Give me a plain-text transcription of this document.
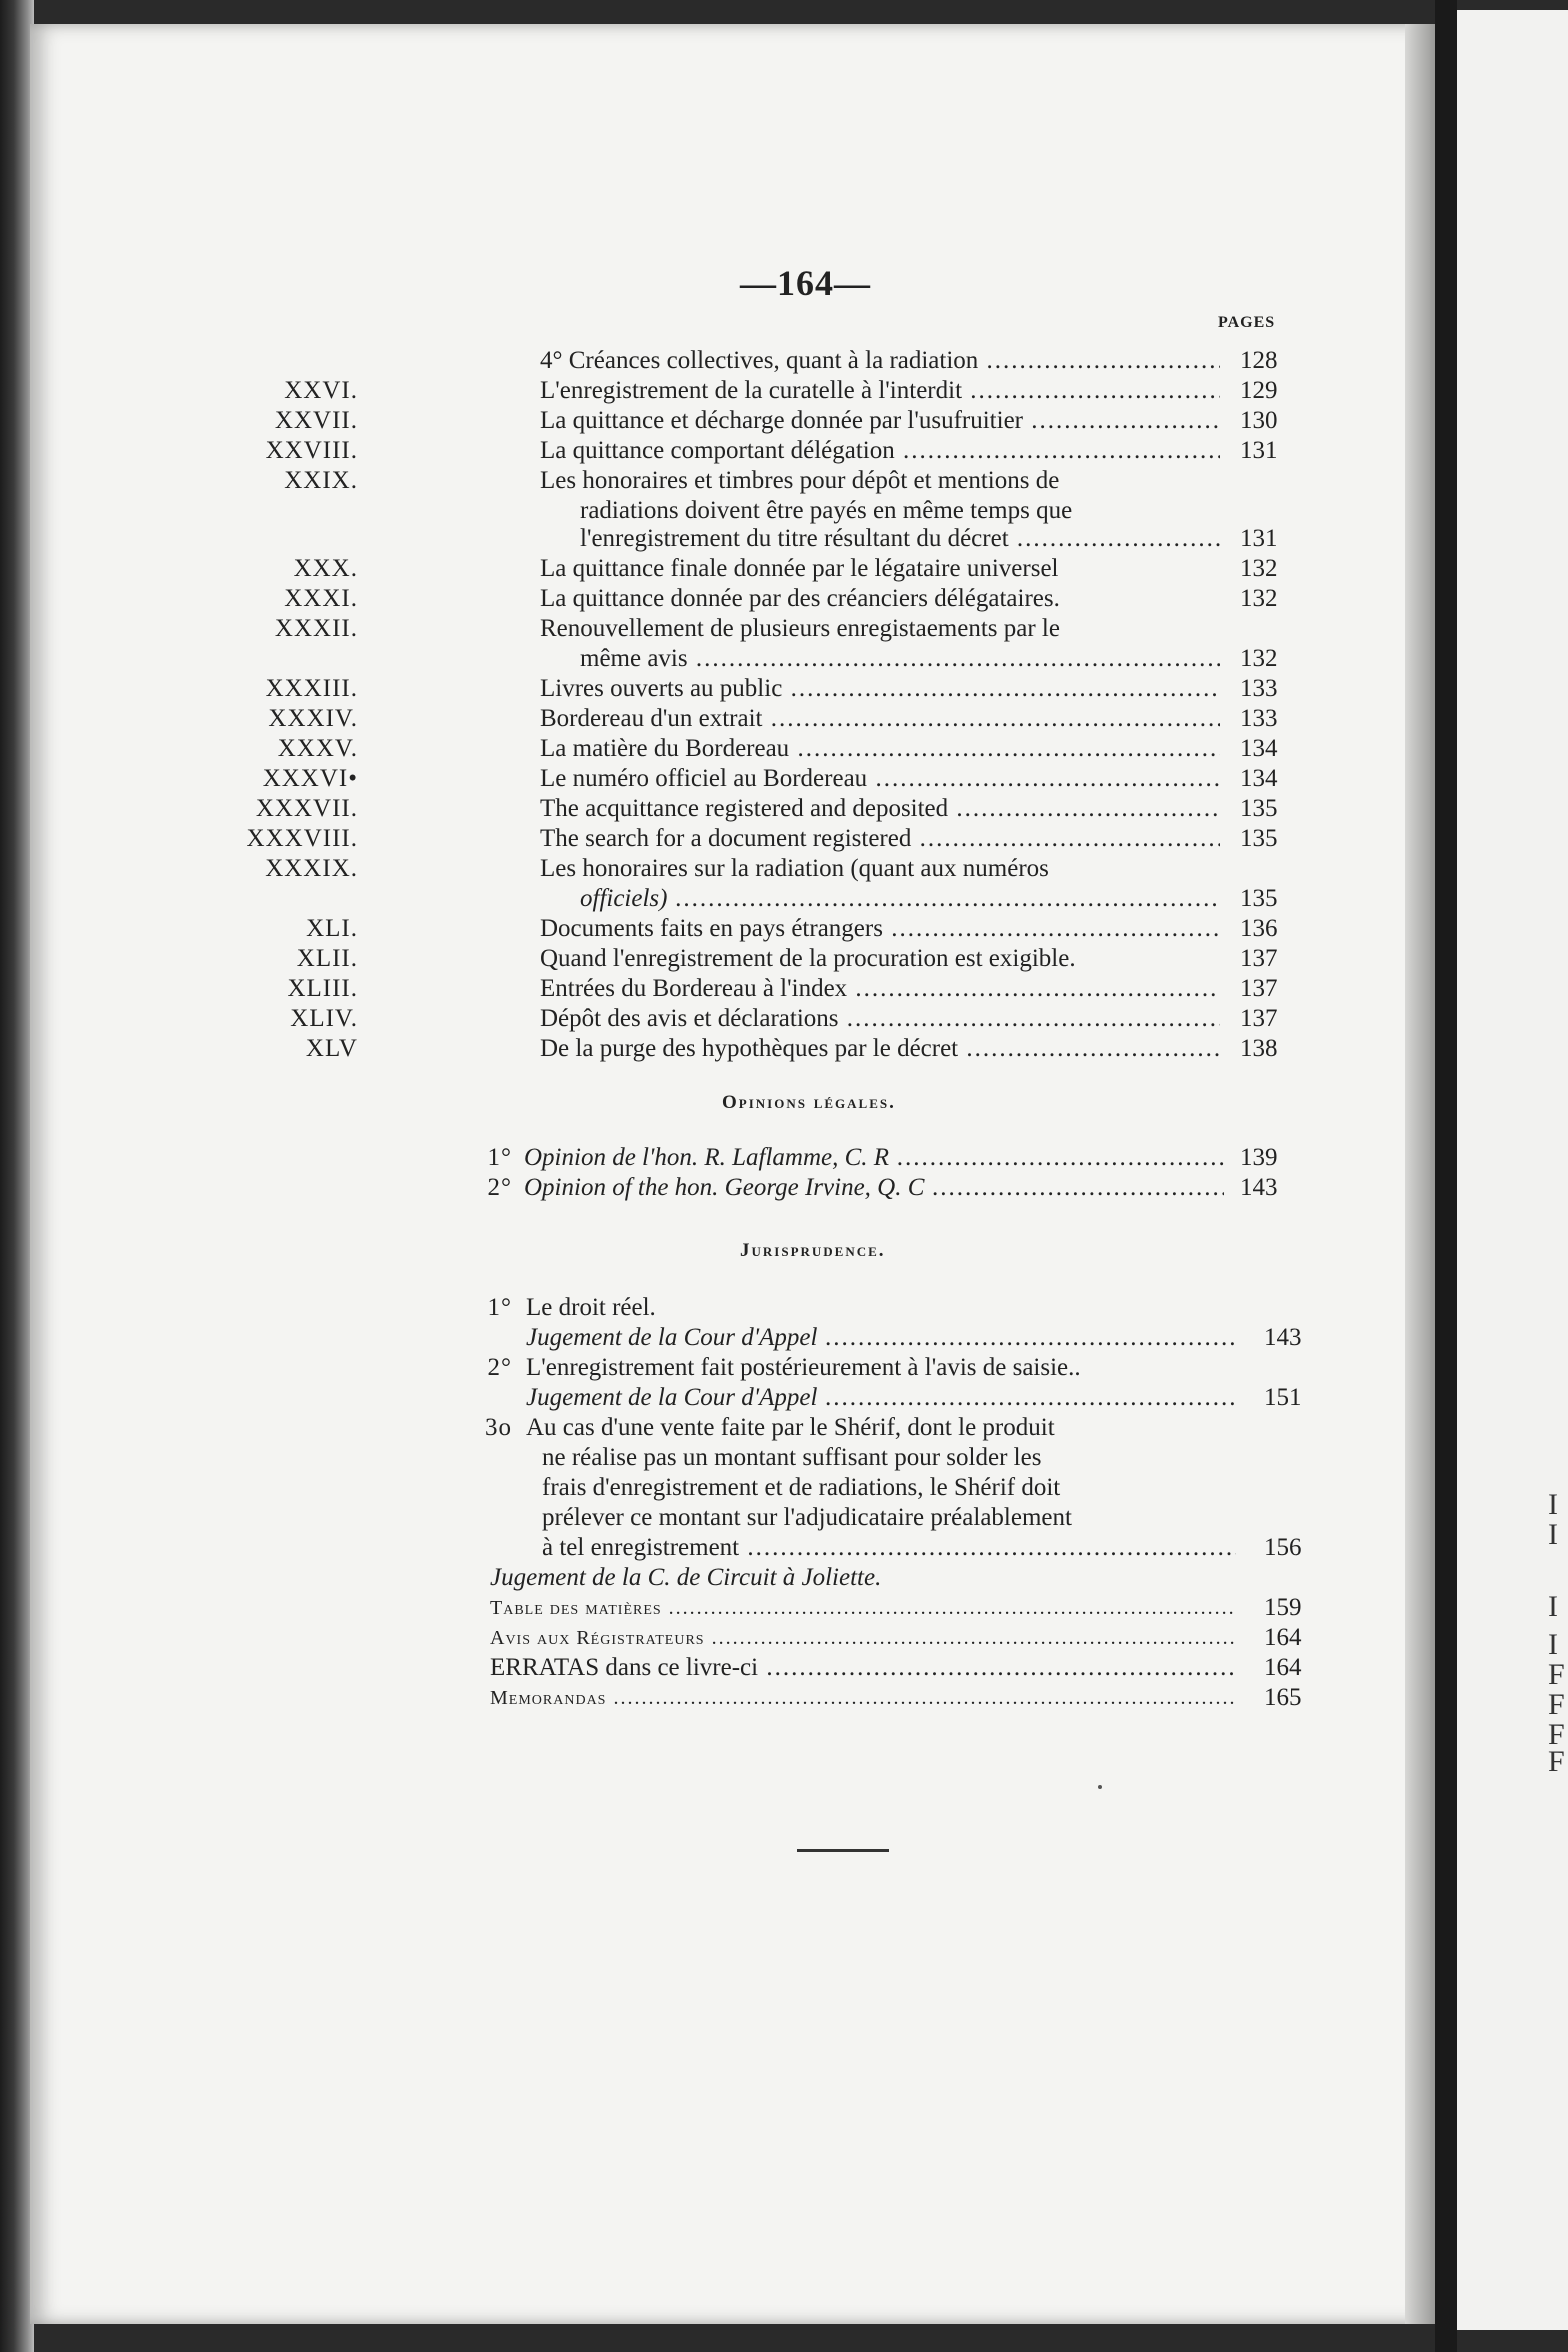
I
I
I
I
F
F
F
F
—164—
PAGES
4° Créances collectives, quant à la radiation .....	128
XXVI.	L'enregistrement de la curatelle à l'interdit .....	129
XXVII.	La quittance et décharge donnée par l'usufruitier .....	130
XXVIII.	La quittance comportant délégation .....	131
XXIX.	Les honoraires et timbres pour dépôt et mentions de
radiations doivent être payés en même temps que
l'enregistrement du titre résultant du décret .....	131
XXX.	La quittance finale donnée par le légataire universel	132
XXXI.	La quittance donnée par des créanciers délégataires.	132
XXXII.	Renouvellement de plusieurs enregistaements par le
même avis .....	132
XXXIII.	Livres ouverts au public .....	133
XXXIV.	Bordereau d'un extrait .....	133
XXXV.	La matière du Bordereau .....	134
XXXVI•	Le numéro officiel au Bordereau .....	134
XXXVII.	The acquittance registered and deposited .....	135
XXXVIII.	The search for a document registered .....	135
XXXIX.	Les honoraires sur la radiation (quant aux numéros
officiels) .....	135
XLI.	Documents faits en pays étrangers .....	136
XLII.	Quand l'enregistrement de la procuration est exigible.	137
XLIII.	Entrées du Bordereau à l'index .....	137
XLIV.	Dépôt des avis et déclarations .....	137
XLV	De la purge des hypothèques par le décret .....	138
Opinions légales.
1° Opinion de l'hon. R. Laflamme, C. R .....	139
2° Opinion of the hon. George Irvine, Q. C .....	143
Jurisprudence.
1° Le droit réel.
Jugement de la Cour d'Appel .....	143
2° L'enregistrement fait postérieurement à l'avis de saisie..
Jugement de la Cour d'Appel .....	151
3o Au cas d'une vente faite par le Shérif, dont le produit
ne réalise pas un montant suffisant pour solder les
frais d'enregistrement et de radiations, le Shérif doit
prélever ce montant sur l'adjudicataire préalablement
à tel enregistrement .....	156
Jugement de la C. de Circuit à Joliette.
Table des matières .....	159
Avis aux Régistrateurs .....	164
ERRATAS dans ce livre-ci .....	164
Memorandas .....	165
